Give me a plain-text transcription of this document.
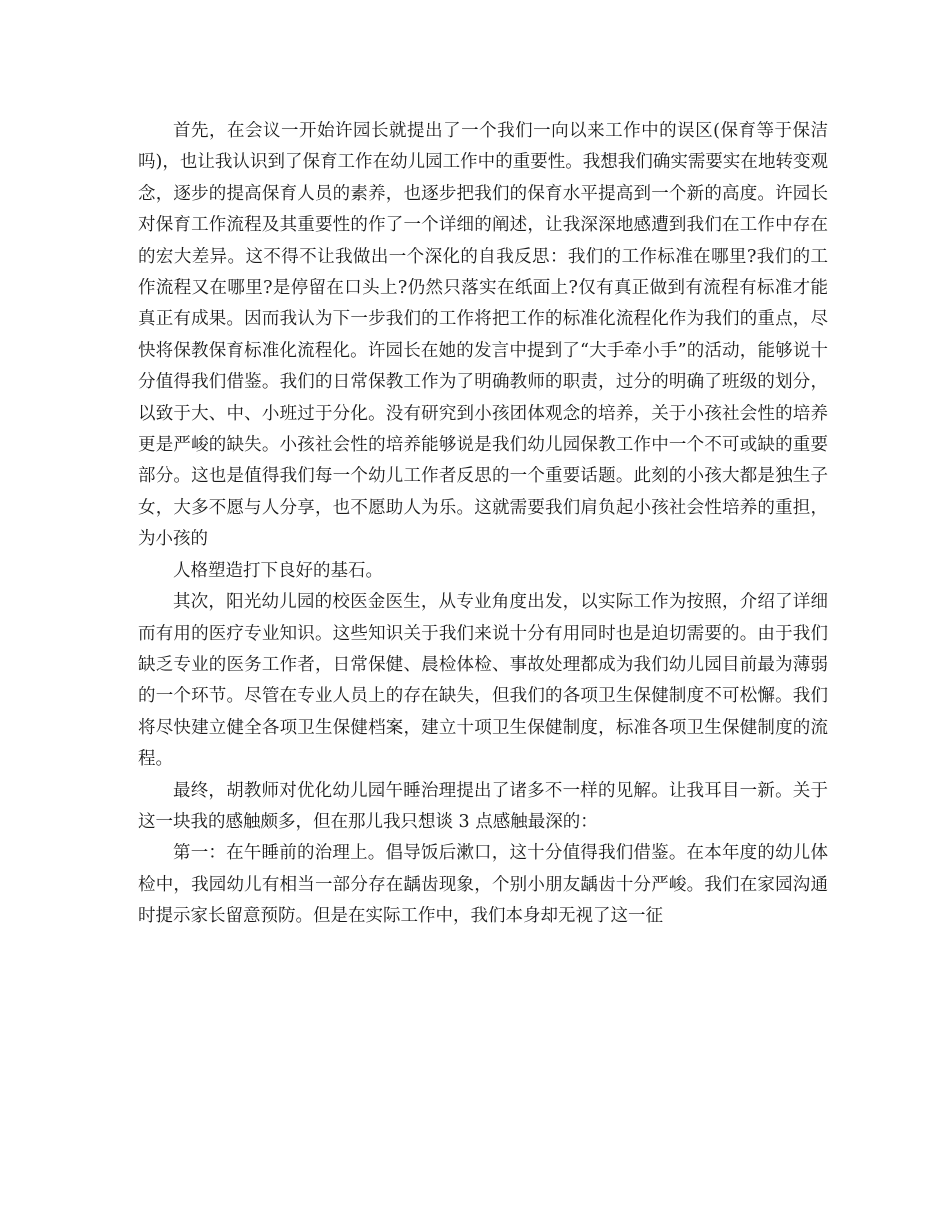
首先，在会议一开始许园长就提出了一个我们一向以来工作中的误区(保育等于保洁吗)，也让我认识到了保育工作在幼儿园工作中的重要性。我想我们确实需要实在地转变观念，逐步的提高保育人员的素养，也逐步把我们的保育水平提高到一个新的高度。许园长对保育工作流程及其重要性的作了一个详细的阐述，让我深深地感遭到我们在工作中存在的宏大差异。这不得不让我做出一个深化的自我反思：我们的工作标准在哪里?我们的工作流程又在哪里?是停留在口头上?仍然只落实在纸面上?仅有真正做到有流程有标准才能真正有成果。因而我认为下一步我们的工作将把工作的标准化流程化作为我们的重点，尽快将保教保育标准化流程化。许园长在她的发言中提到了“大手牵小手”的活动，能够说十分值得我们借鉴。我们的日常保教工作为了明确教师的职责，过分的明确了班级的划分，以致于大、中、小班过于分化。没有研究到小孩团体观念的培养，关于小孩社会性的培养更是严峻的缺失。小孩社会性的培养能够说是我们幼儿园保教工作中一个不可或缺的重要部分。这也是值得我们每一个幼儿工作者反思的一个重要话题。此刻的小孩大都是独生子女，大多不愿与人分享，也不愿助人为乐。这就需要我们肩负起小孩社会性培养的重担，为小孩的

人格塑造打下良好的基石。

其次，阳光幼儿园的校医金医生，从专业角度出发，以实际工作为按照，介绍了详细而有用的医疗专业知识。这些知识关于我们来说十分有用同时也是迫切需要的。由于我们缺乏专业的医务工作者，日常保健、晨检体检、事故处理都成为我们幼儿园目前最为薄弱的一个环节。尽管在专业人员上的存在缺失，但我们的各项卫生保健制度不可松懈。我们将尽快建立健全各项卫生保健档案，建立十项卫生保健制度，标准各项卫生保健制度的流程。

最终，胡教师对优化幼儿园午睡治理提出了诸多不一样的见解。让我耳目一新。关于这一块我的感触颇多，但在那儿我只想谈 3 点感触最深的：

第一：在午睡前的治理上。倡导饭后漱口，这十分值得我们借鉴。在本年度的幼儿体检中，我园幼儿有相当一部分存在龋齿现象，个别小朋友龋齿十分严峻。我们在家园沟通时提示家长留意预防。但是在实际工作中，我们本身却无视了这一征
